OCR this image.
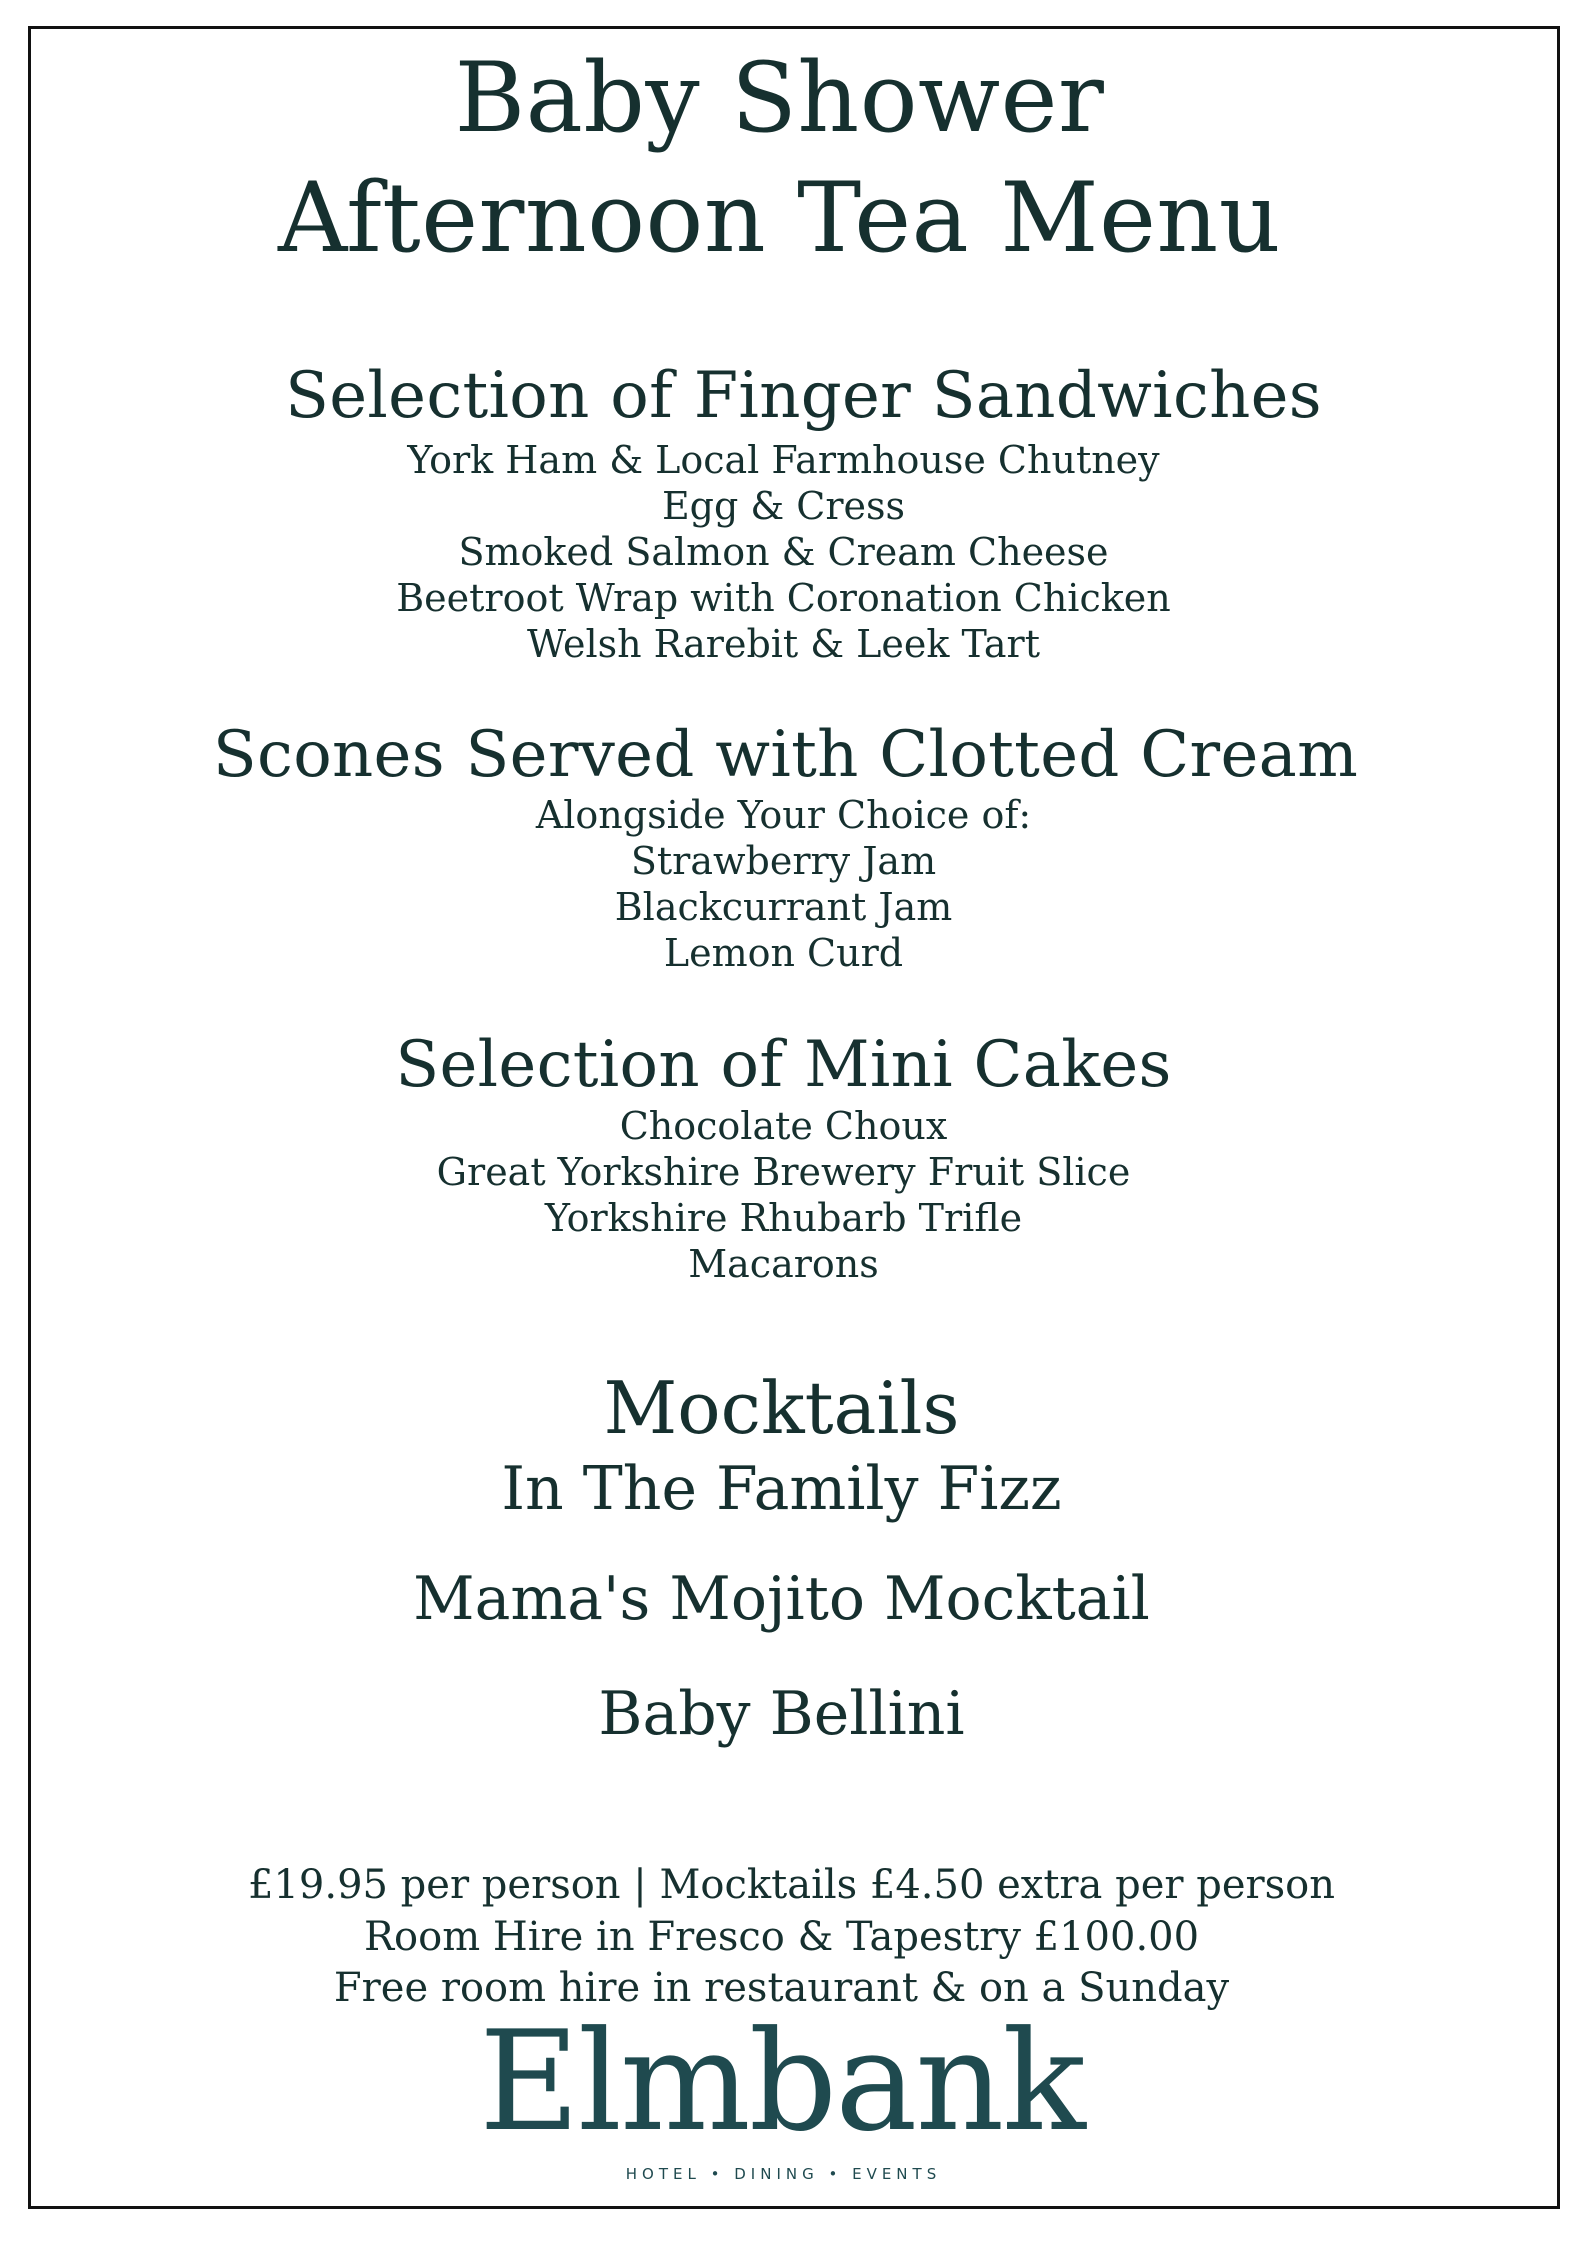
Baby Shower
Afternoon Tea Menu
Selection of Finger Sandwiches
York Ham & Local Farmhouse Chutney
Egg & Cress
Smoked Salmon & Cream Cheese
Beetroot Wrap with Coronation Chicken
Welsh Rarebit & Leek Tart
Scones Served with Clotted Cream
Alongside Your Choice of:
Strawberry Jam
Blackcurrant Jam
Lemon Curd
Selection of Mini Cakes
Chocolate Choux
Great Yorkshire Brewery Fruit Slice
Yorkshire Rhubarb Trifle
Macarons
Mocktails
In The Family Fizz
Mama's Mojito Mocktail
Baby Bellini
£19.95 per person | Mocktails £4.50 extra per person
Room Hire in Fresco & Tapestry £100.00
Free room hire in restaurant & on a Sunday
Elmbank
HOTEL • DINING • EVENTS
